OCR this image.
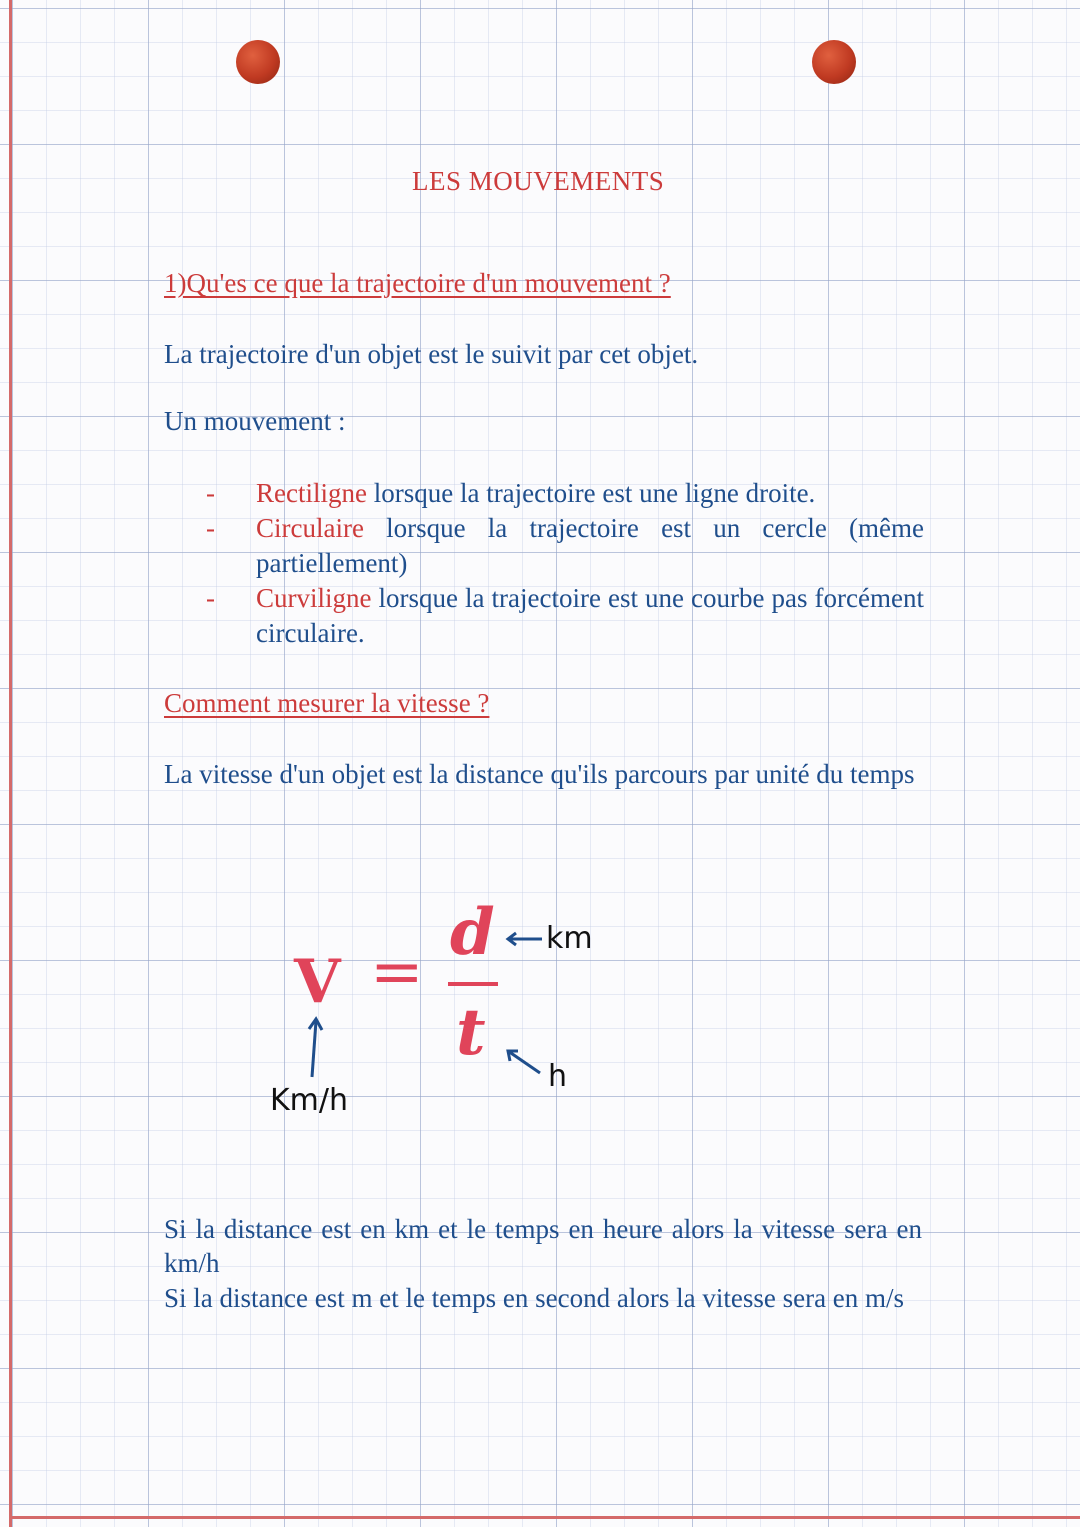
LES MOUVEMENTS
1)Qu'es ce que la trajectoire d'un mouvement ?
La trajectoire d'un objet est le suivit par cet objet.
Un mouvement :
- Rectiligne lorsque la trajectoire est une ligne droite.
- Circulaire lorsque la trajectoire est un cercle (même partiellement)
- Curviligne lorsque la trajectoire est une courbe pas forcément circulaire.
Comment mesurer la vitesse ?
La vitesse d'un objet est la distance qu'ils parcours par unité du temps
V =
d
t
km
h
Km/h
Si la distance est en km et le temps en heure alors la vitesse sera en km/h
Si la distance est m et le temps en second alors la vitesse sera en m/s
